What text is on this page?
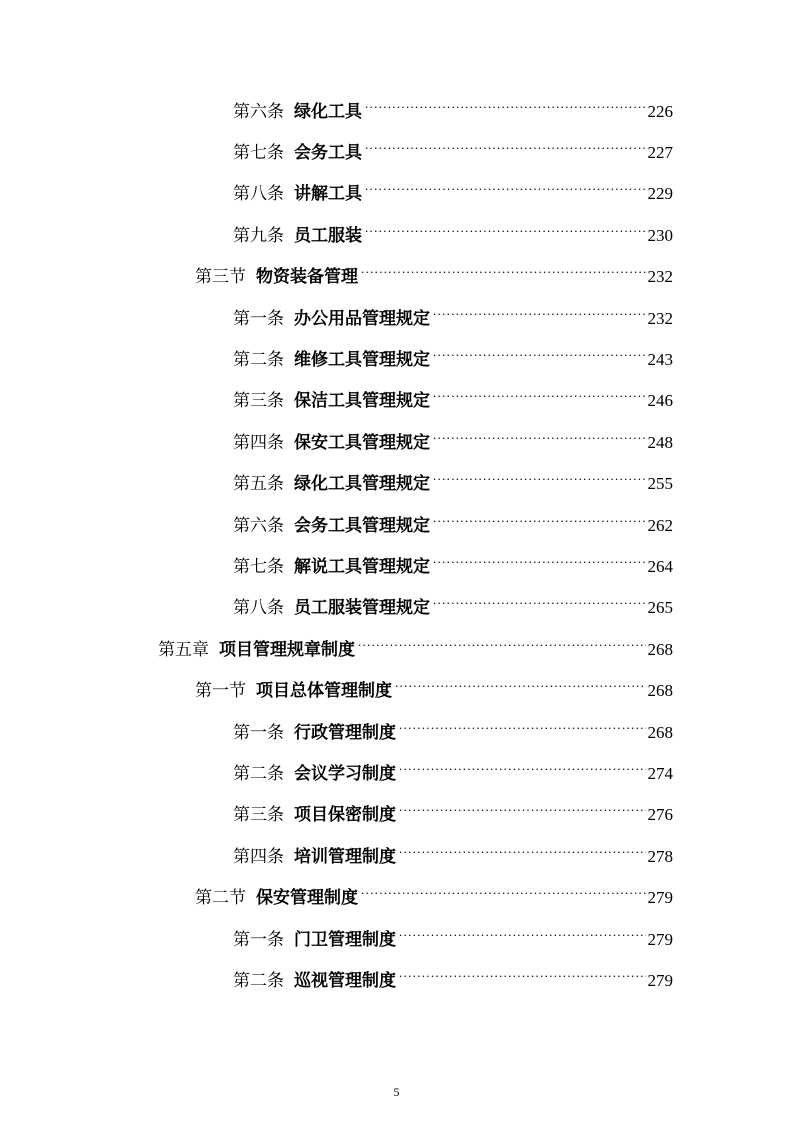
第六条 绿化工具 .....	226
第七条 会务工具 .....	227
第八条 讲解工具 .....	229
第九条 员工服装 .....	230
第三节 物资装备管理 .....	232
第一条 办公用品管理规定 .....	232
第二条 维修工具管理规定 .....	243
第三条 保洁工具管理规定 .....	246
第四条 保安工具管理规定 .....	248
第五条 绿化工具管理规定 .....	255
第六条 会务工具管理规定 .....	262
第七条 解说工具管理规定 .....	264
第八条 员工服装管理规定 .....	265
第五章 项目管理规章制度 .....	268
第一节 项目总体管理制度 .....	268
第一条 行政管理制度 .....	268
第二条 会议学习制度 .....	274
第三条 项目保密制度 .....	276
第四条 培训管理制度 .....	278
第二节 保安管理制度 .....	279
第一条 门卫管理制度 .....	279
第二条 巡视管理制度 .....	279
5
